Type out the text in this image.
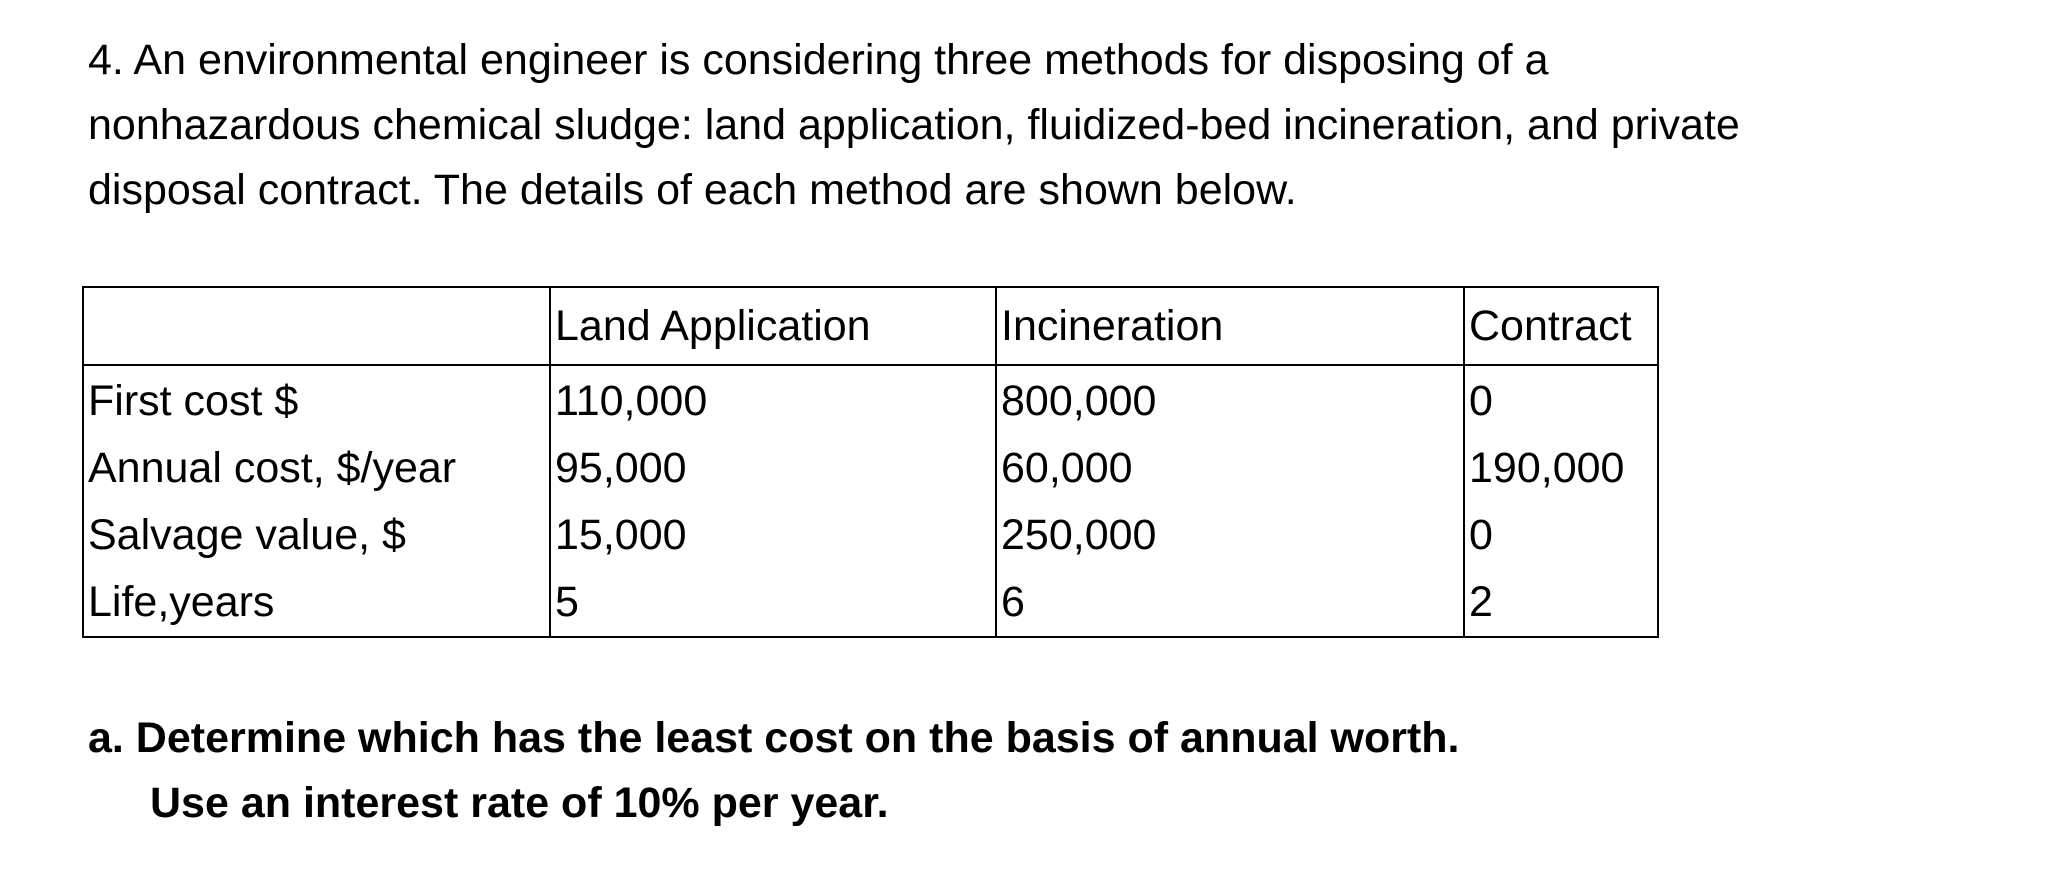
4. An environmental engineer is considering three methods for disposing of a
nonhazardous chemical sludge: land application, fluidized-bed incineration, and private
disposal contract. The details of each method are shown below.

	Land Application	Incineration	Contract
First cost $	110,000	800,000	0
Annual cost, $/year	95,000	60,000	190,000
Salvage value, $	15,000	250,000	0
Life,years	5	6	2

a. Determine which has the least cost on the basis of annual worth.
Use an interest rate of 10% per year.
